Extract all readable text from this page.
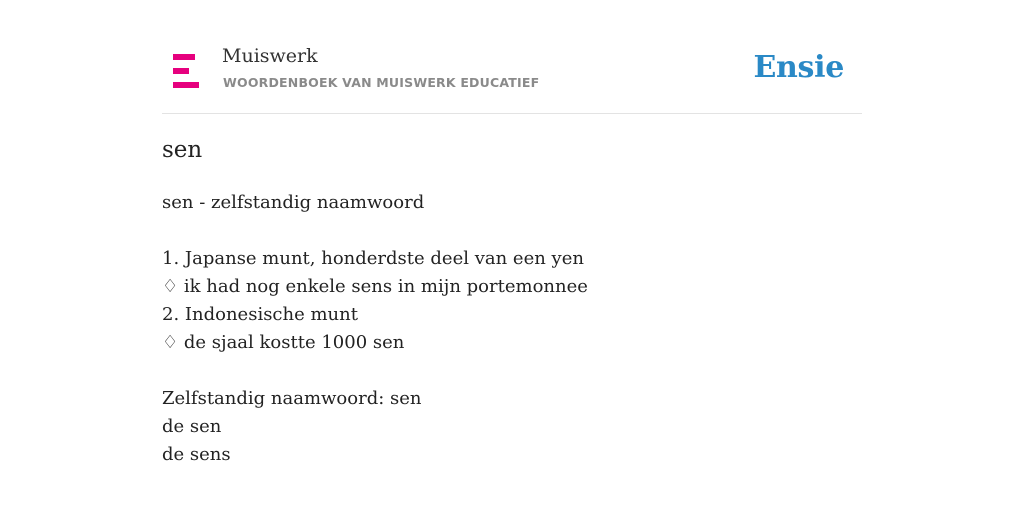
Muiswerk
WOORDENBOEK VAN MUISWERK EDUCATIEF	Ensie
sen
sen - zelfstandig naamwoord
1. Japanse munt, honderdste deel van een yen
♢ ik had nog enkele sens in mijn portemonnee
2. Indonesische munt
♢ de sjaal kostte 1000 sen
Zelfstandig naamwoord: sen
de sen
de sens
